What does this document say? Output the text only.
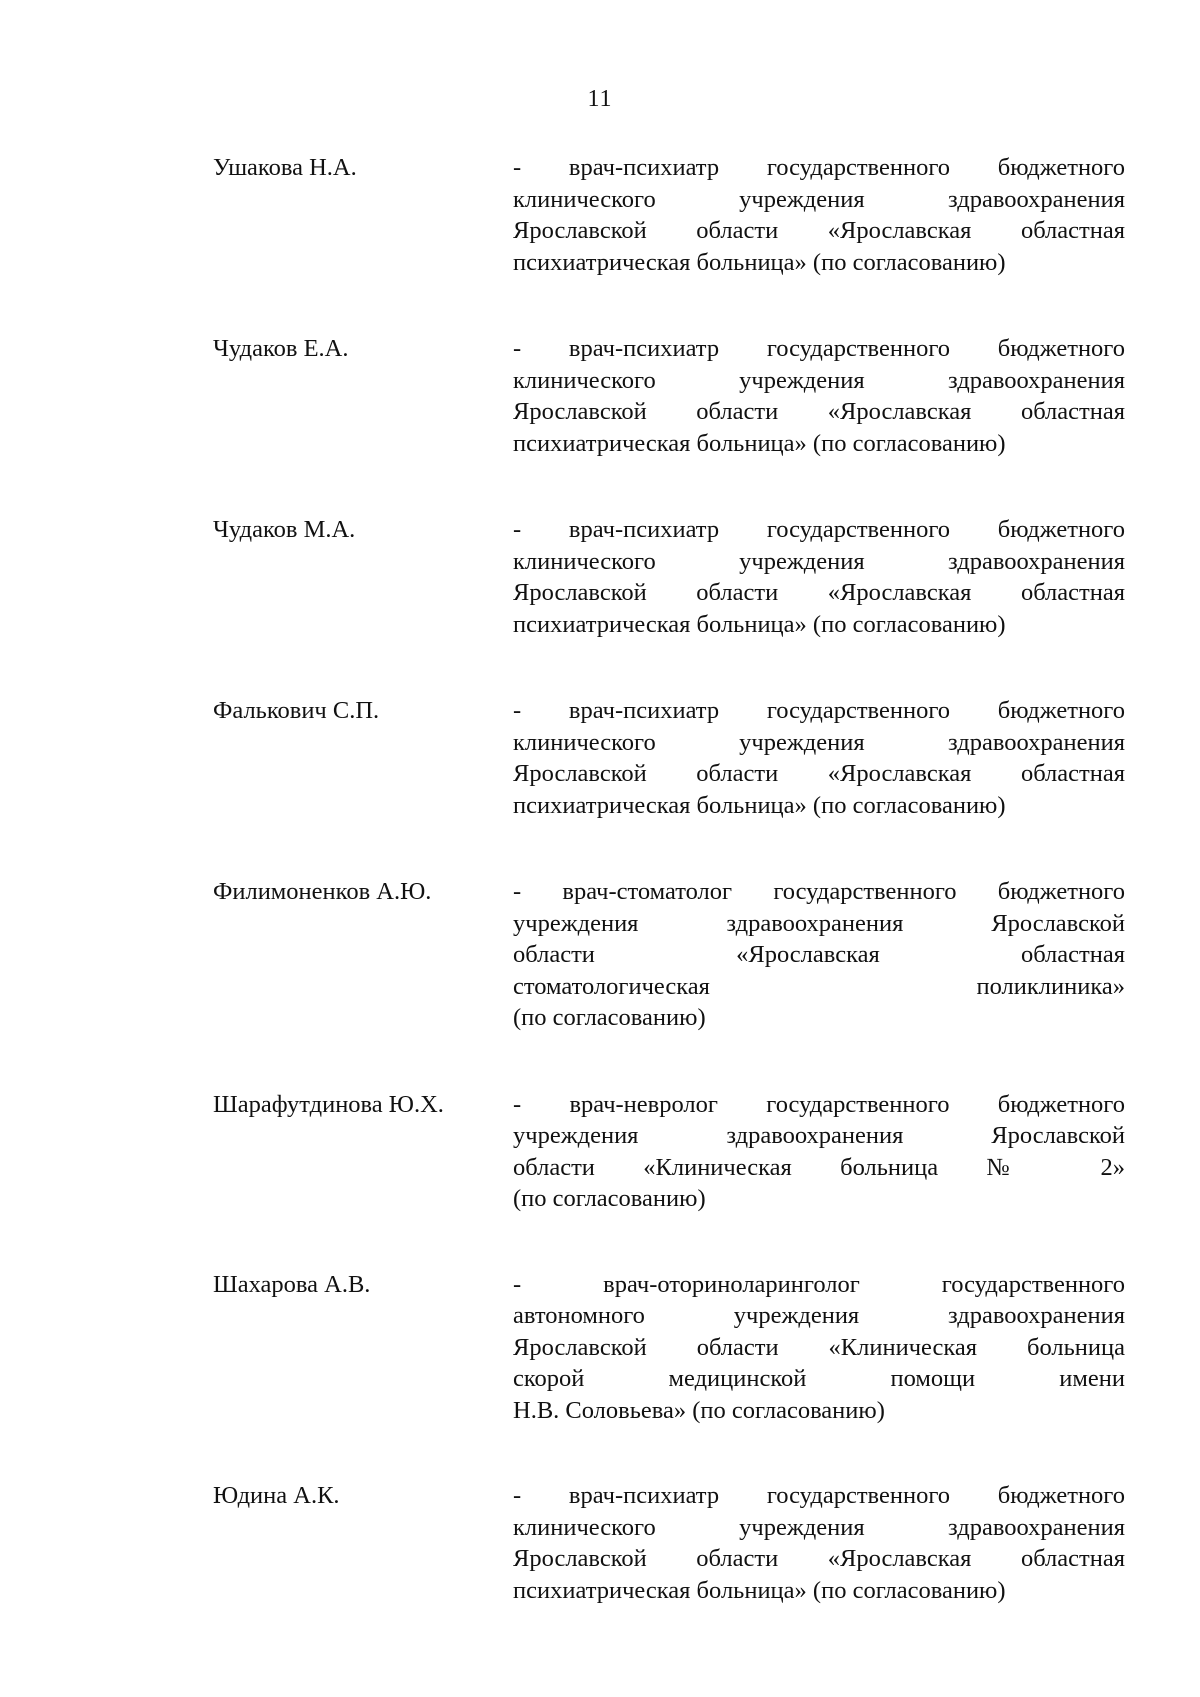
11
Ушакова Н.А.	- врач-психиатр государственного бюджетного
клинического учреждения здравоохранения
Ярославской области «Ярославская областная
психиатрическая больница» (по согласованию)
Чудаков Е.А.	- врач-психиатр государственного бюджетного
клинического учреждения здравоохранения
Ярославской области «Ярославская областная
психиатрическая больница» (по согласованию)
Чудаков М.А.	- врач-психиатр государственного бюджетного
клинического учреждения здравоохранения
Ярославской области «Ярославская областная
психиатрическая больница» (по согласованию)
Фалькович С.П.	- врач-психиатр государственного бюджетного
клинического учреждения здравоохранения
Ярославской области «Ярославская областная
психиатрическая больница» (по согласованию)
Филимоненков А.Ю.	- врач-стоматолог государственного бюджетного
учреждения здравоохранения Ярославской
области «Ярославская областная
стоматологическая поликлиника»
(по согласованию)
Шарафутдинова Ю.Х.	- врач-невролог государственного бюджетного
учреждения здравоохранения Ярославской
области «Клиническая больница № 2»
(по согласованию)
Шахарова А.В.	- врач-оториноларинголог государственного
автономного учреждения здравоохранения
Ярославской области «Клиническая больница
скорой медицинской помощи имени
Н.В. Соловьева» (по согласованию)
Юдина А.К.	- врач-психиатр государственного бюджетного
клинического учреждения здравоохранения
Ярославской области «Ярославская областная
психиатрическая больница» (по согласованию)
